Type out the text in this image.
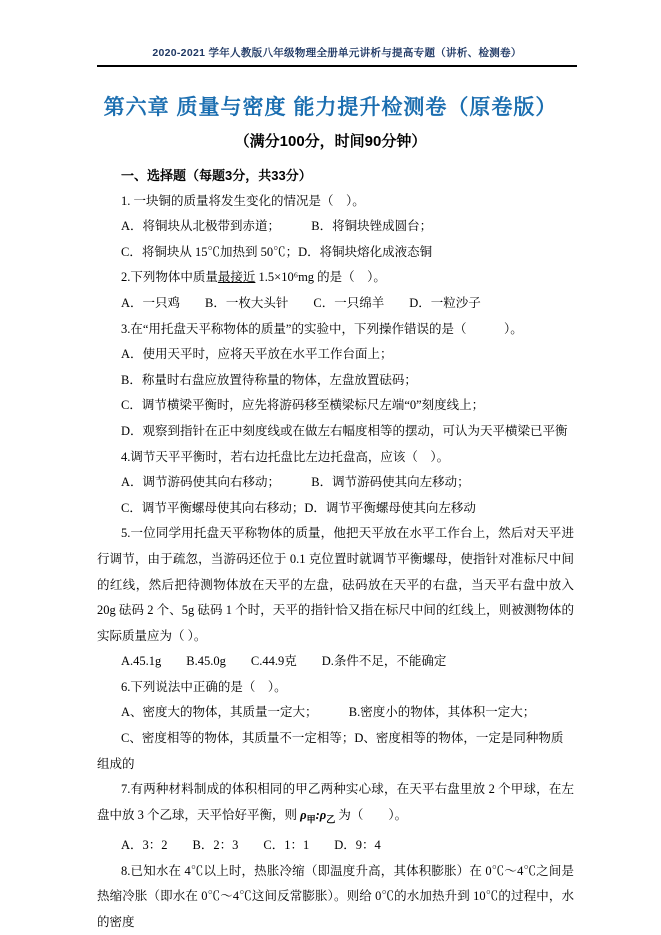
2020-2021 学年人教版八年级物理全册单元讲析与提高专题（讲析、检测卷）
第六章 质量与密度 能力提升检测卷（原卷版）
（满分100分，时间90分钟）

一、选择题（每题3分，共33分）

1. 一块铜的质量将发生变化的情况是（　）。

A．将铜块从北极带到赤道；　　　B．将铜块锉成圆台；

C．将铜块从 15℃加热到 50℃；D．将铜块熔化成液态铜

2.下列物体中质量最接近 1.5×10⁶mg 的是（　）。

A．一只鸡　　B．一枚大头针　　C．一只绵羊　　D．一粒沙子

3.在“用托盘天平称物体的质量”的实验中，下列操作错误的是（　　　）。

A．使用天平时，应将天平放在水平工作台面上；

B．称量时右盘应放置待称量的物体，左盘放置砝码；

C．调节横梁平衡时，应先将游码移至横梁标尺左端“0”刻度线上；

D．观察到指针在正中刻度线或在做左右幅度相等的摆动，可认为天平横梁已平衡

4.调节天平平衡时，若右边托盘比左边托盘高，应该（　）。

A．调节游码使其向右移动；　　　B．调节游码使其向左移动；

C．调节平衡螺母使其向右移动；D．调节平衡螺母使其向左移动

5.一位同学用托盘天平称物体的质量，他把天平放在水平工作台上，然后对天平进行调节，由于疏忽，当游码还位于 0.1 克位置时就调节平衡螺母，使指针对准标尺中间的红线，然后把待测物体放在天平的左盘，砝码放在天平的右盘，当天平右盘中放入 20g 砝码 2 个、5g 砝码 1 个时，天平的指针恰又指在标尺中间的红线上，则被测物体的实际质量应为（ ）。

A.45.1g　　B.45.0g　　C.44.9克　　D.条件不足，不能确定

6.下列说法中正确的是（　）。

A、密度大的物体，其质量一定大；　　　B.密度小的物体，其体积一定大；

C、密度相等的物体，其质量不一定相等；D、密度相等的物体，一定是同种物质组成的

7.有两种材料制成的体积相同的甲乙两种实心球，在天平右盘里放 2 个甲球，在左盘中放 3 个乙球，天平恰好平衡，则 $\rho_甲:\rho_乙$ 为（　　）。

A．3：2　　B．2：3　　C．1：1　　D．9：4

8.已知水在 4℃以上时，热胀冷缩（即温度升高，其体积膨胀）在 0℃～4℃之间是热缩冷胀（即水在 0℃～4℃这间反常膨胀）。则给 0℃的水加热升到 10℃的过程中，水的密度
